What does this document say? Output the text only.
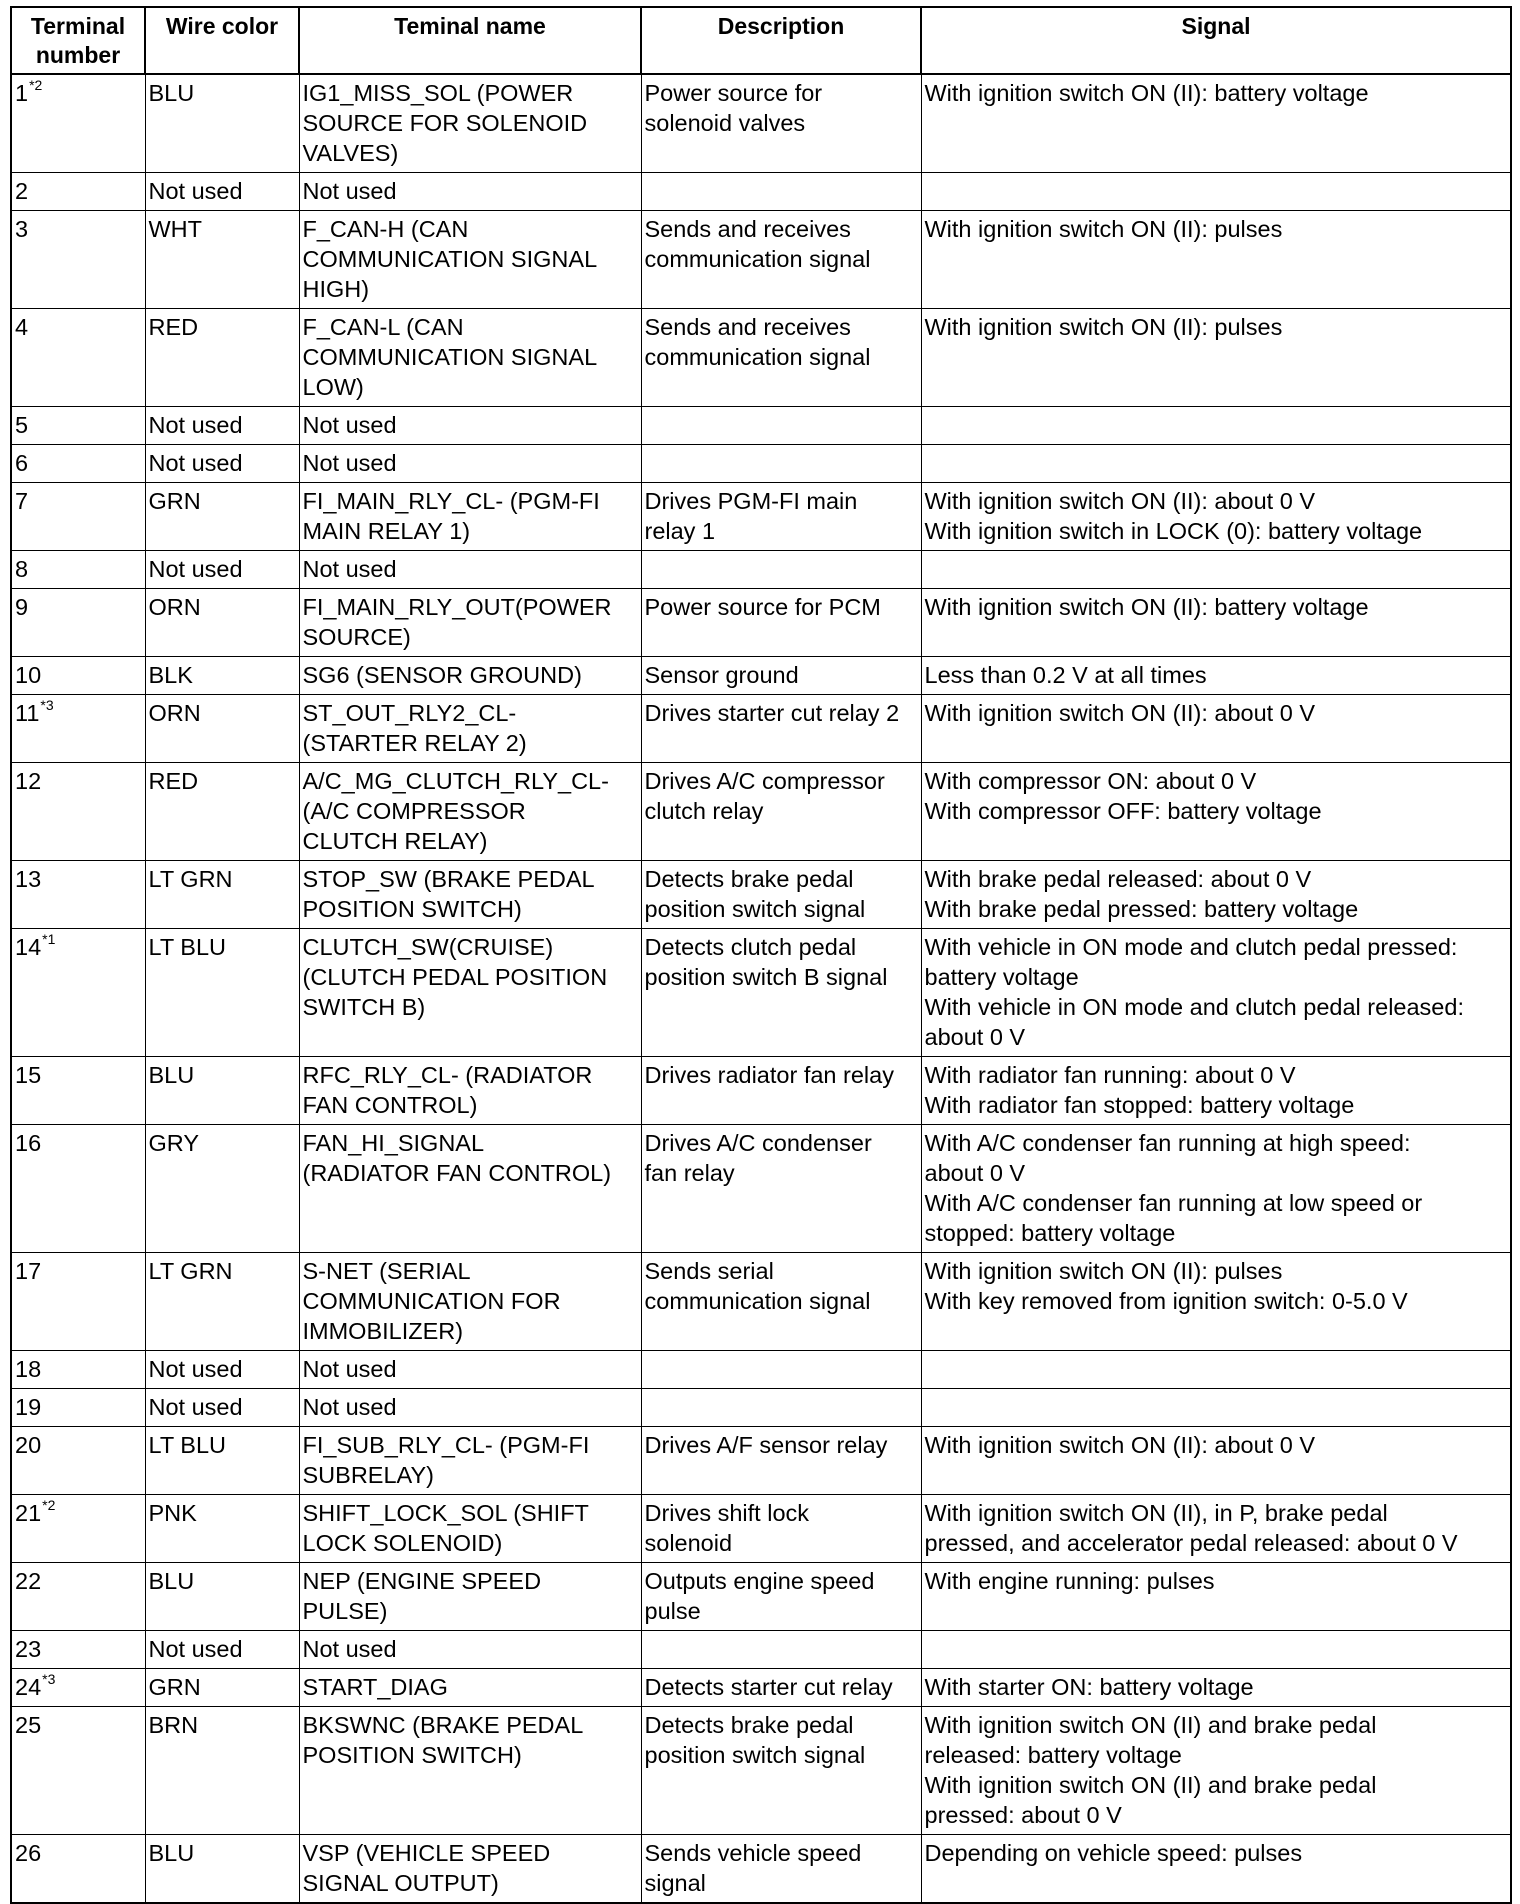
Terminal
number	Wire color	Teminal name	Description	Signal
1$^{*2}$	BLU	IG1_MISS_SOL (POWER
SOURCE FOR SOLENOID
VALVES)	Power source for
solenoid valves	With ignition switch ON (II): battery voltage
2	Not used	Not used		
3	WHT	F_CAN-H (CAN
COMMUNICATION SIGNAL
HIGH)	Sends and receives
communication signal	With ignition switch ON (II): pulses
4	RED	F_CAN-L (CAN
COMMUNICATION SIGNAL
LOW)	Sends and receives
communication signal	With ignition switch ON (II): pulses
5	Not used	Not used		
6	Not used	Not used		
7	GRN	FI_MAIN_RLY_CL- (PGM-FI
MAIN RELAY 1)	Drives PGM-FI main
relay 1	With ignition switch ON (II): about 0 V
With ignition switch in LOCK (0): battery voltage
8	Not used	Not used		
9	ORN	FI_MAIN_RLY_OUT(POWER
SOURCE)	Power source for PCM	With ignition switch ON (II): battery voltage
10	BLK	SG6 (SENSOR GROUND)	Sensor ground	Less than 0.2 V at all times
11$^{*3}$	ORN	ST_OUT_RLY2_CL-
(STARTER RELAY 2)	Drives starter cut relay 2	With ignition switch ON (II): about 0 V
12	RED	A/C_MG_CLUTCH_RLY_CL-
(A/C COMPRESSOR
CLUTCH RELAY)	Drives A/C compressor
clutch relay	With compressor ON: about 0 V
With compressor OFF: battery voltage
13	LT GRN	STOP_SW (BRAKE PEDAL
POSITION SWITCH)	Detects brake pedal
position switch signal	With brake pedal released: about 0 V
With brake pedal pressed: battery voltage
14$^{*1}$	LT BLU	CLUTCH_SW(CRUISE)
(CLUTCH PEDAL POSITION
SWITCH B)	Detects clutch pedal
position switch B signal	With vehicle in ON mode and clutch pedal pressed:
battery voltage
With vehicle in ON mode and clutch pedal released:
about 0 V
15	BLU	RFC_RLY_CL- (RADIATOR
FAN CONTROL)	Drives radiator fan relay	With radiator fan running: about 0 V
With radiator fan stopped: battery voltage
16	GRY	FAN_HI_SIGNAL
(RADIATOR FAN CONTROL)	Drives A/C condenser
fan relay	With A/C condenser fan running at high speed:
about 0 V
With A/C condenser fan running at low speed or
stopped: battery voltage
17	LT GRN	S-NET (SERIAL
COMMUNICATION FOR
IMMOBILIZER)	Sends serial
communication signal	With ignition switch ON (II): pulses
With key removed from ignition switch: 0-5.0 V
18	Not used	Not used		
19	Not used	Not used		
20	LT BLU	FI_SUB_RLY_CL- (PGM-FI
SUBRELAY)	Drives A/F sensor relay	With ignition switch ON (II): about 0 V
21$^{*2}$	PNK	SHIFT_LOCK_SOL (SHIFT
LOCK SOLENOID)	Drives shift lock
solenoid	With ignition switch ON (II), in P, brake pedal
pressed, and accelerator pedal released: about 0 V
22	BLU	NEP (ENGINE SPEED
PULSE)	Outputs engine speed
pulse	With engine running: pulses
23	Not used	Not used		
24$^{*3}$	GRN	START_DIAG	Detects starter cut relay	With starter ON: battery voltage
25	BRN	BKSWNC (BRAKE PEDAL
POSITION SWITCH)	Detects brake pedal
position switch signal	With ignition switch ON (II) and brake pedal
released: battery voltage
With ignition switch ON (II) and brake pedal
pressed: about 0 V
26	BLU	VSP (VEHICLE SPEED
SIGNAL OUTPUT)	Sends vehicle speed
signal	Depending on vehicle speed: pulses
